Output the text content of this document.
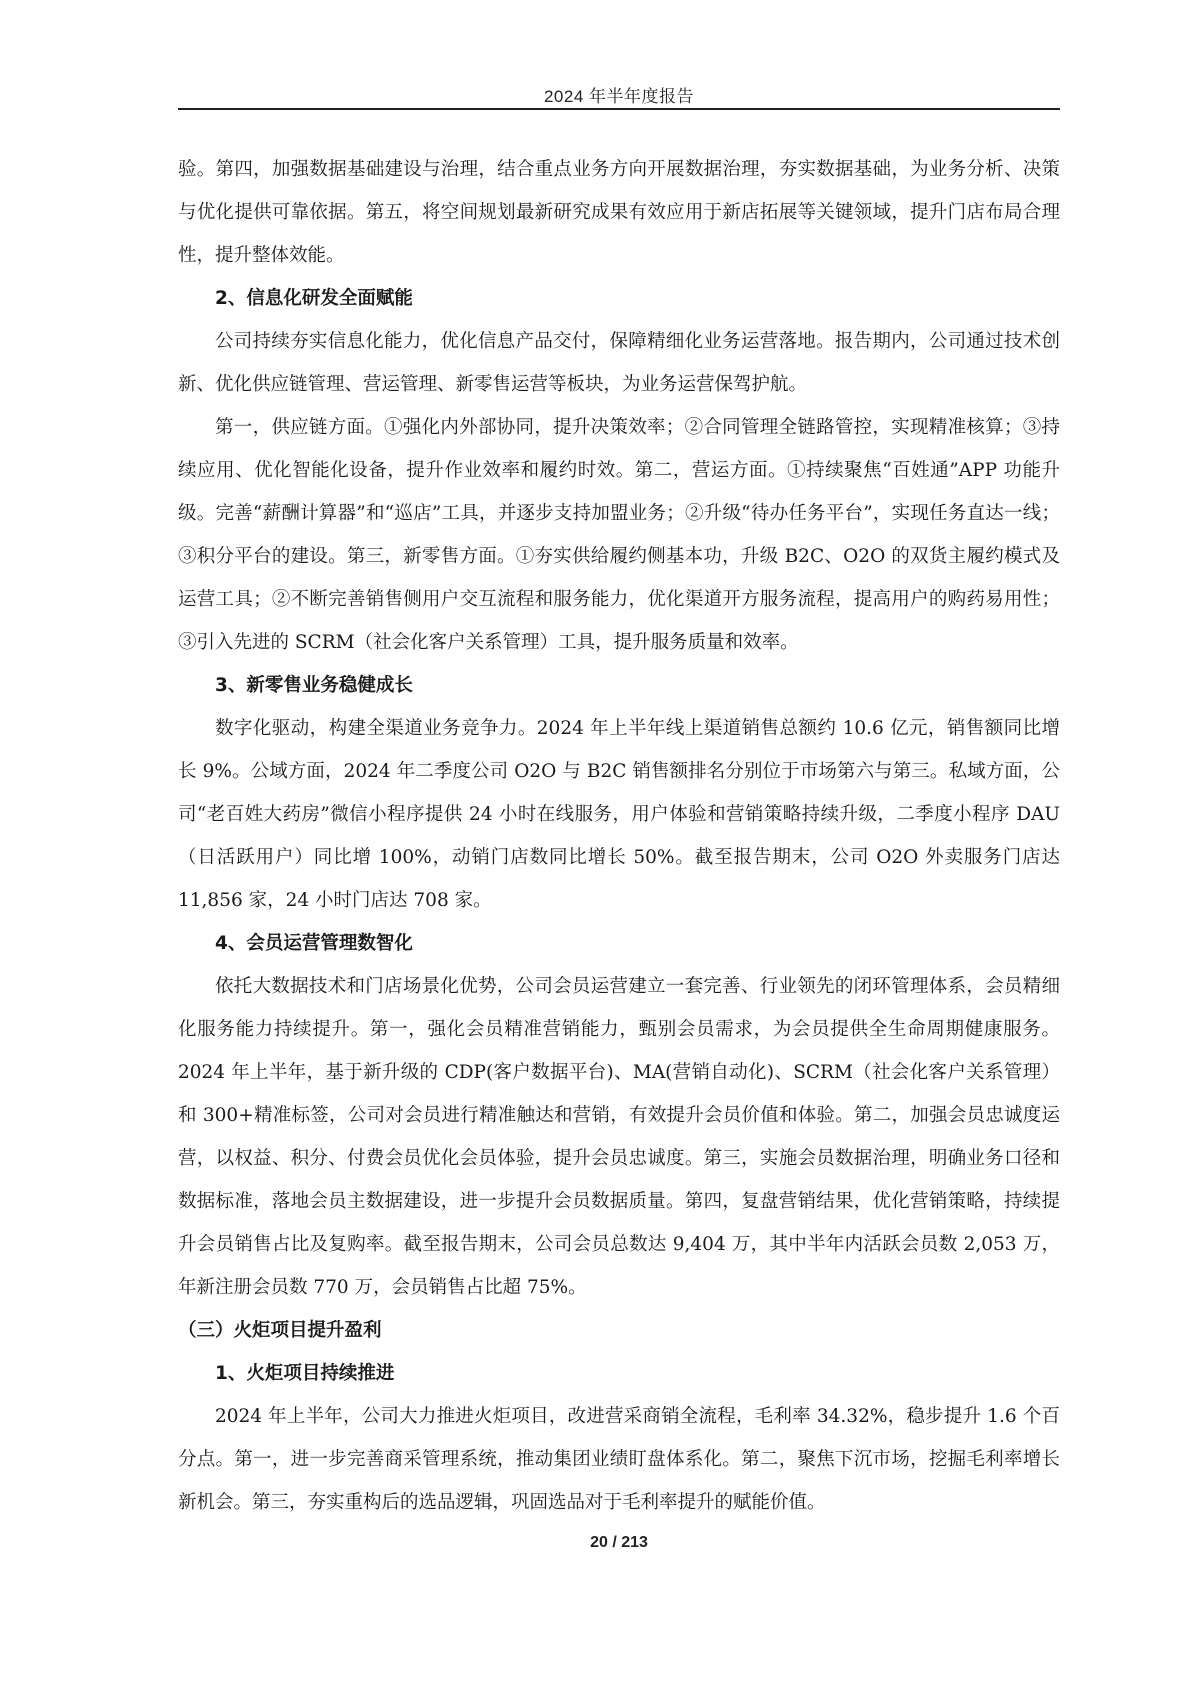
2024 年半年度报告

验。第四，加强数据基础建设与治理，结合重点业务方向开展数据治理，夯实数据基础，为业务分析、决策与优化提供可靠依据。第五，将空间规划最新研究成果有效应用于新店拓展等关键领域，提升门店布局合理性，提升整体效能。

2、信息化研发全面赋能

公司持续夯实信息化能力，优化信息产品交付，保障精细化业务运营落地。报告期内，公司通过技术创新、优化供应链管理、营运管理、新零售运营等板块，为业务运营保驾护航。

第一，供应链方面。①强化内外部协同，提升决策效率；②合同管理全链路管控，实现精准核算；③持续应用、优化智能化设备，提升作业效率和履约时效。第二，营运方面。①持续聚焦“百姓通”APP 功能升级。完善“薪酬计算器”和“巡店”工具，并逐步支持加盟业务；②升级“待办任务平台”，实现任务直达一线；③积分平台的建设。第三，新零售方面。①夯实供给履约侧基本功，升级 B2C、O2O 的双货主履约模式及运营工具；②不断完善销售侧用户交互流程和服务能力，优化渠道开方服务流程，提高用户的购药易用性；③引入先进的 SCRM（社会化客户关系管理）工具，提升服务质量和效率。

3、新零售业务稳健成长

数字化驱动，构建全渠道业务竞争力。2024 年上半年线上渠道销售总额约 10.6 亿元，销售额同比增长 9%。公域方面，2024 年二季度公司 O2O 与 B2C 销售额排名分别位于市场第六与第三。私域方面，公司“老百姓大药房”微信小程序提供 24 小时在线服务，用户体验和营销策略持续升级，二季度小程序 DAU（日活跃用户）同比增 100%，动销门店数同比增长 50%。截至报告期末，公司 O2O 外卖服务门店达 11,856 家，24 小时门店达 708 家。

4、会员运营管理数智化

依托大数据技术和门店场景化优势，公司会员运营建立一套完善、行业领先的闭环管理体系，会员精细化服务能力持续提升。第一，强化会员精准营销能力，甄别会员需求，为会员提供全生命周期健康服务。2024 年上半年，基于新升级的 CDP(客户数据平台)、MA(营销自动化)、SCRM（社会化客户关系管理）和 300+精准标签，公司对会员进行精准触达和营销，有效提升会员价值和体验。第二，加强会员忠诚度运营，以权益、积分、付费会员优化会员体验，提升会员忠诚度。第三，实施会员数据治理，明确业务口径和数据标准，落地会员主数据建设，进一步提升会员数据质量。第四，复盘营销结果，优化营销策略，持续提升会员销售占比及复购率。截至报告期末，公司会员总数达 9,404 万，其中半年内活跃会员数 2,053 万，年新注册会员数 770 万，会员销售占比超 75%。

（三）火炬项目提升盈利

1、火炬项目持续推进

2024 年上半年，公司大力推进火炬项目，改进营采商销全流程，毛利率 34.32%，稳步提升 1.6 个百分点。第一，进一步完善商采管理系统，推动集团业绩盯盘体系化。第二，聚焦下沉市场，挖掘毛利率增长新机会。第三，夯实重构后的选品逻辑，巩固选品对于毛利率提升的赋能价值。

20 / 213
